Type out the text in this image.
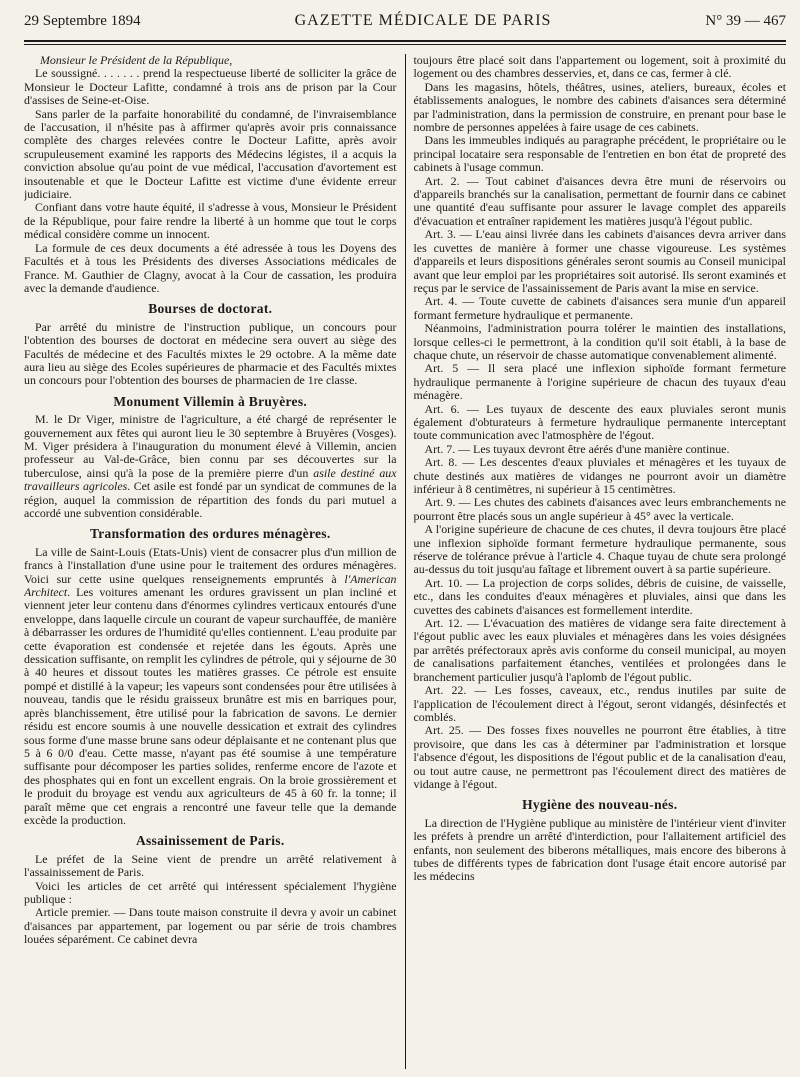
29 Septembre 1894	GAZETTE MÉDICALE DE PARIS	N° 39 — 467

Monsieur le Président de la République,

Le soussigné. . . . . . . prend la respectueuse liberté de solliciter la grâce de Monsieur le Docteur Lafitte, condamné à trois ans de prison par la Cour d'assises de Seine-et-Oise.

Sans parler de la parfaite honorabilité du condamné, de l'invraisemblance de l'accusation, il n'hésite pas à affirmer qu'après avoir pris connaissance complète des charges relevées contre le Docteur Lafitte, après avoir scrupuleusement examiné les rapports des Médecins légistes, il a acquis la conviction absolue qu'au point de vue médical, l'accusation d'avortement est insoutenable et que le Docteur Lafitte est victime d'une évidente erreur judiciaire.

Confiant dans votre haute équité, il s'adresse à vous, Monsieur le Président de la République, pour faire rendre la liberté à un homme que tout le corps médical considère comme un innocent.

La formule de ces deux documents a été adressée à tous les Doyens des Facultés et à tous les Présidents des diverses Associations médicales de France. M. Gauthier de Clagny, avocat à la Cour de cassation, les produira avec la demande d'audience.

Bourses de doctorat.

Par arrêté du ministre de l'instruction publique, un concours pour l'obtention des bourses de doctorat en médecine sera ouvert au siège des Facultés de médecine et des Facultés mixtes le 29 octobre. A la même date aura lieu au siège des Ecoles supérieures de pharmacie et des Facultés mixtes un concours pour l'obtention des bourses de pharmacien de 1re classe.

Monument Villemin à Bruyères.

M. le Dr Viger, ministre de l'agriculture, a été chargé de représenter le gouvernement aux fêtes qui auront lieu le 30 septembre à Bruyères (Vosges). M. Viger présidera à l'inauguration du monument élevé à Villemin, ancien professeur au Val-de-Grâce, bien connu par ses découvertes sur la tuberculose, ainsi qu'à la pose de la première pierre d'un asile destiné aux travailleurs agricoles. Cet asile est fondé par un syndicat de communes de la région, auquel la commission de répartition des fonds du pari mutuel a accordé une subvention considérable.

Transformation des ordures ménagères.

La ville de Saint-Louis (Etats-Unis) vient de consacrer plus d'un million de francs à l'installation d'une usine pour le traitement des ordures ménagères. Voici sur cette usine quelques renseignements empruntés à l'American Architect. Les voitures amenant les ordures gravissent un plan incliné et viennent jeter leur contenu dans d'énormes cylindres verticaux entourés d'une enveloppe, dans laquelle circule un courant de vapeur surchauffée, de manière à débarrasser les ordures de l'humidité qu'elles contiennent. L'eau produite par cette évaporation est condensée et rejetée dans les égouts. Après une dessication suffisante, on remplit les cylindres de pétrole, qui y séjourne de 30 à 40 heures et dissout toutes les matières grasses. Ce pétrole est ensuite pompé et distillé à la vapeur; les vapeurs sont condensées pour être utilisées à nouveau, tandis que le résidu graisseux brunâtre est mis en barriques pour, après blanchissement, être utilisé pour la fabrication de savons. Le dernier résidu est encore soumis à une nouvelle dessication et extrait des cylindres sous forme d'une masse brune sans odeur déplaisante et ne contenant plus que 5 à 6 0/0 d'eau. Cette masse, n'ayant pas été soumise à une température suffisante pour décomposer les parties solides, renferme encore de l'azote et des phosphates qui en font un excellent engrais. On la broie grossièrement et le produit du broyage est vendu aux agriculteurs de 45 à 60 fr. la tonne; il paraît même que cet engrais a rencontré une faveur telle que la demande excède la production.

Assainissement de Paris.

Le préfet de la Seine vient de prendre un arrêté relativement à l'assainissement de Paris.

Voici les articles de cet arrêté qui intéressent spécialement l'hygiène publique :

Article premier. — Dans toute maison construite il devra y avoir un cabinet d'aisances par appartement, par logement ou par série de trois chambres louées séparément. Ce cabinet devra

toujours être placé soit dans l'appartement ou logement, soit à proximité du logement ou des chambres desservies, et, dans ce cas, fermer à clé.

Dans les magasins, hôtels, théâtres, usines, ateliers, bureaux, écoles et établissements analogues, le nombre des cabinets d'aisances sera déterminé par l'administration, dans la permission de construire, en prenant pour base le nombre de personnes appelées à faire usage de ces cabinets.

Dans les immeubles indiqués au paragraphe précédent, le propriétaire ou le principal locataire sera responsable de l'entretien en bon état de propreté des cabinets à l'usage commun.

Art. 2. — Tout cabinet d'aisances devra être muni de réservoirs ou d'appareils branchés sur la canalisation, permettant de fournir dans ce cabinet une quantité d'eau suffisante pour assurer le lavage complet des appareils d'évacuation et entraîner rapidement les matières jusqu'à l'égout public.

Art. 3. — L'eau ainsi livrée dans les cabinets d'aisances devra arriver dans les cuvettes de manière à former une chasse vigoureuse. Les systèmes d'appareils et leurs dispositions générales seront soumis au Conseil municipal avant que leur emploi par les propriétaires soit autorisé. Ils seront examinés et reçus par le service de l'assainissement de Paris avant la mise en service.

Art. 4. — Toute cuvette de cabinets d'aisances sera munie d'un appareil formant fermeture hydraulique et permanente.

Néanmoins, l'administration pourra tolérer le maintien des installations, lorsque celles-ci le permettront, à la condition qu'il soit établi, à la base de chaque chute, un réservoir de chasse automatique convenablement alimenté.

Art. 5 — Il sera placé une inflexion siphoïde formant fermeture hydraulique permanente à l'origine supérieure de chacun des tuyaux d'eau ménagère.

Art. 6. — Les tuyaux de descente des eaux pluviales seront munis également d'obturateurs à fermeture hydraulique permanente interceptant toute communication avec l'atmosphère de l'égout.

Art. 7. — Les tuyaux devront être aérés d'une manière continue.

Art. 8. — Les descentes d'eaux pluviales et ménagères et les tuyaux de chute destinés aux matières de vidanges ne pourront avoir un diamètre inférieur à 8 centimètres, ni supérieur à 15 centimètres.

Art. 9. — Les chutes des cabinets d'aisances avec leurs embranchements ne pourront être placés sous un angle supérieur à 45° avec la verticale.

A l'origine supérieure de chacune de ces chutes, il devra toujours être placé une inflexion siphoïde formant fermeture hydraulique permanente, sous réserve de tolérance prévue à l'article 4. Chaque tuyau de chute sera prolongé au-dessus du toit jusqu'au faîtage et librement ouvert à sa partie supérieure.

Art. 10. — La projection de corps solides, débris de cuisine, de vaisselle, etc., dans les conduites d'eaux ménagères et pluviales, ainsi que dans les cuvettes des cabinets d'aisances est formellement interdite.

Art. 12. — L'évacuation des matières de vidange sera faite directement à l'égout public avec les eaux pluviales et ménagères dans les voies désignées par arrêtés préfectoraux après avis conforme du conseil municipal, au moyen de canalisations parfaitement étanches, ventilées et prolongées dans le branchement particulier jusqu'à l'aplomb de l'égout public.

Art. 22. — Les fosses, caveaux, etc., rendus inutiles par suite de l'application de l'écoulement direct à l'égout, seront vidangés, désinfectés et comblés.

Art. 25. — Des fosses fixes nouvelles ne pourront être établies, à titre provisoire, que dans les cas à déterminer par l'administration et lorsque l'absence d'égout, les dispositions de l'égout public et de la canalisation d'eau, ou tout autre cause, ne permettront pas l'écoulement direct des matières de vidange à l'égout.

Hygiène des nouveau-nés.

La direction de l'Hygiène publique au ministère de l'intérieur vient d'inviter les préfets à prendre un arrêté d'interdiction, pour l'allaitement artificiel des enfants, non seulement des biberons métalliques, mais encore des biberons à tubes de différents types de fabrication dont l'usage était encore autorisé par les médecins
